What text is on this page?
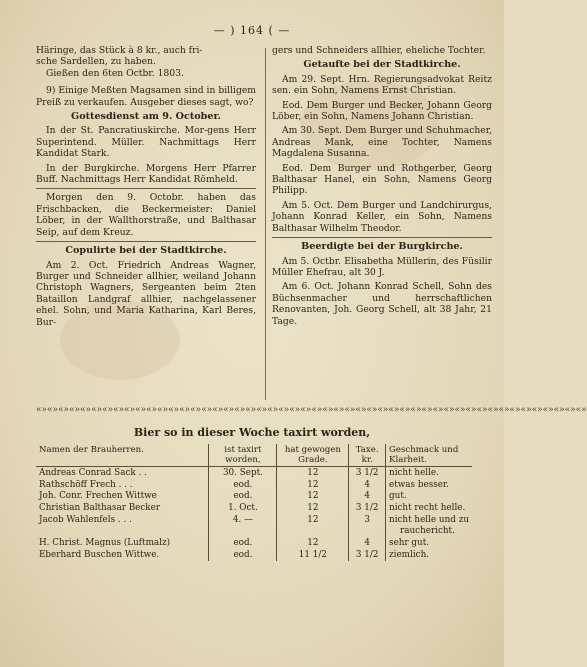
— ) 164 ( —
Häringe, das Stück à 8 kr., auch fri-
sche Sardellen, zu haben.
Gießen den 6ten Octbr. 1803.

9) Einige Meßten Magsamen sind in billigem Preiß zu verkaufen. Ausgeber dieses sagt, wo?

Gottesdienst am 9. October.

In der St. Pancratiuskirche. Mor-gens Herr Superintend. Müller. Nachmittags Herr Kandidat Stark.

In der Burgkirche. Morgens Herr Pfarrer Buff. Nachmittags Herr Kandidat Römheld.

Morgen den 9. Octobr. haben das Frischbacken, die Beckermeister: Daniel Löber, in der Wallthorstraße, und Balthasar Seip, auf dem Kreuz.

Copulirte bei der Stadtkirche.

Am 2. Oct. Friedrich Andreas Wagner, Burger und Schneider allhier, weiland Johann Christoph Wagners, Sergeanten beim 2ten Bataillon Landgraf allhier, nachgelassener ehel. Sohn, und Maria Katharina, Karl Beres, Bur-

gers und Schneiders allhier, eheliche Tochter.

Getaufte bei der Stadtkirche.

Am 29. Sept. Hrn. Regierungsadvokat Reitz sen. ein Sohn, Namens Ernst Christian.

Eod. Dem Burger und Becker, Johann Georg Löber, ein Sohn, Namens Johann Christian.

Am 30. Sept. Dem Burger und Schuhmacher, Andreas Mank, eine Tochter, Namens Magdalena Susanna.

Eod. Dem Burger und Rothgerber, Georg Balthasar Hanel, ein Sohn, Namens Georg Philipp.

Am 5. Oct. Dem Burger und Landchirurgus, Johann Konrad Keller, ein Sohn, Namens Balthasar Wilhelm Theodor.

Beerdigte bei der Burgkirche.

Am 5. Octbr. Elisabetha Müllerin, des Füsilir Müller Ehefrau, alt 30 J.

Am 6. Oct. Johann Konrad Schell, Sohn des Büchsenmacher und herrschaftlichen Renovanten, Joh. Georg Schell, alt 38 Jahr, 21 Tage.

«»«»«»«»«»«»«»«»«»«»«»«»«»«»«»«»«»«»«»«»«»«»«»«»«»«»«»«»«»«»«»«»«»«»«»«»«»«»«»«»«»«»«»«»«»«»«»«»«»«»
Bier so in dieser Woche taxirt worden,
Namen der Brauherren.	ist taxirt worden,	hat gewogen Grade.	Taxe. kr.	Geschmack und Klarheit.
Andreas Conrad Sack . .	30. Sept.	12	3 1/2	nicht helle.
Rathschöff Frech . . .	eod.	12	4	etwas besser.
Joh. Conr. Frechen Wittwe	eod.	12	4	gut.
Christian Balthasar Becker	1. Oct.	12	3 1/2	nicht recht helle.
Jacob Wahlenfels . . .	4. —	12	3	nicht helle und zu
				rauchericht.
H. Christ. Magnus (Luftmalz)	eod.	12	4	sehr gut.
Eberhard Buschen Wittwe.	eod.	11 1/2	3 1/2	ziemlich.
